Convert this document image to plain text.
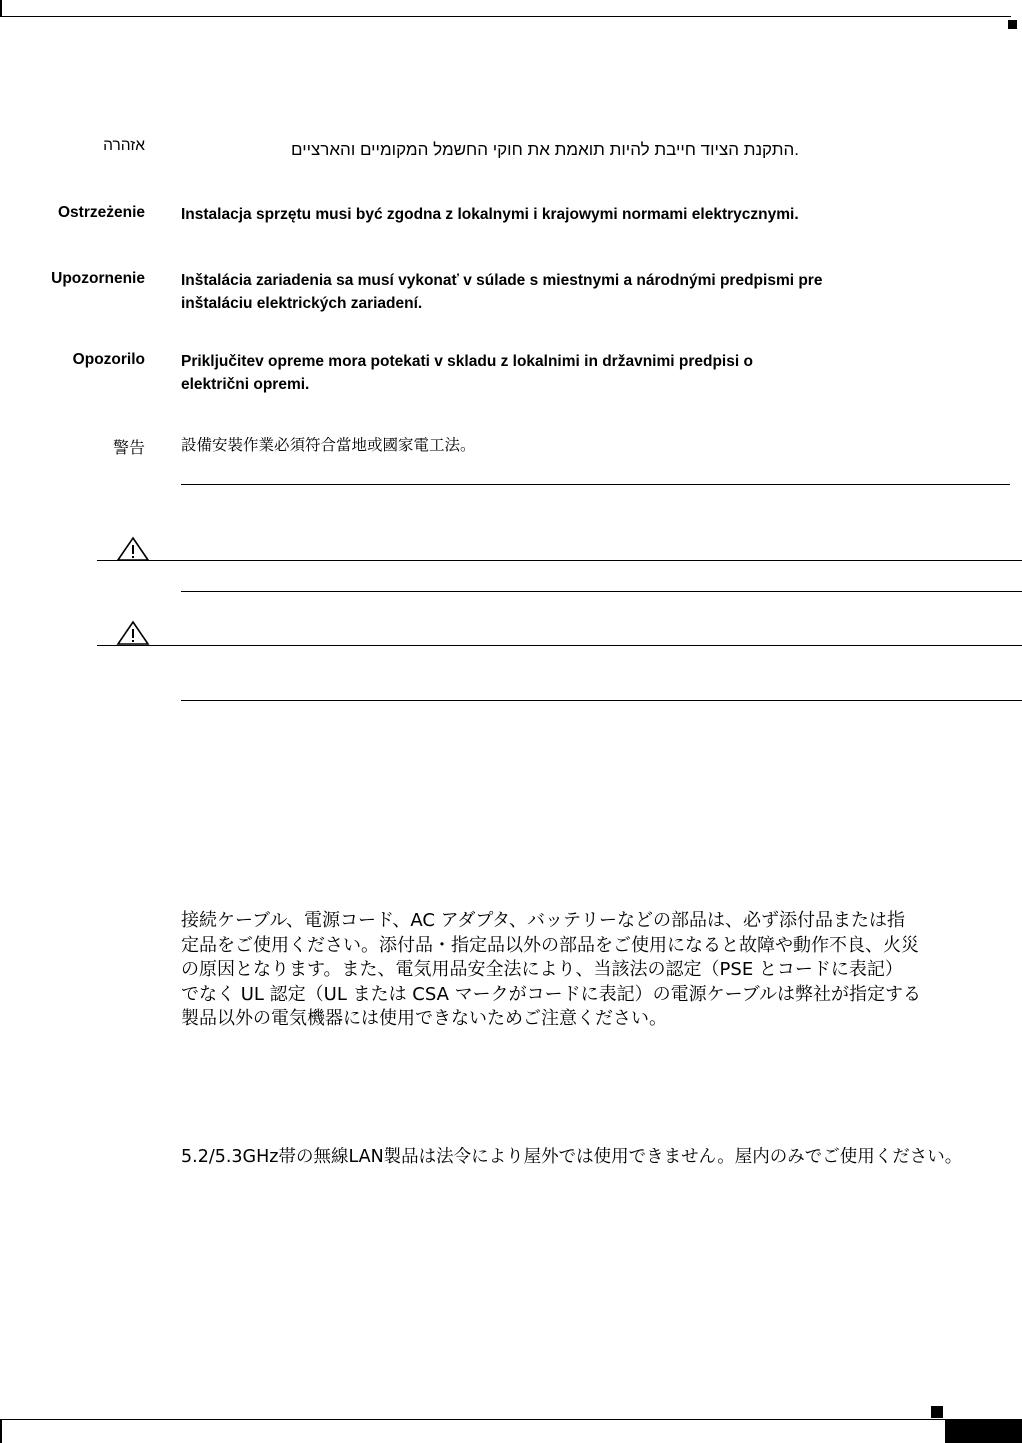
אזהרה	.התקנת הציוד חייבת להיות תואמת את חוקי החשמל המקומיים והארציים
Ostrzeżenie Instalacja sprzętu musi być zgodna z lokalnymi i krajowymi normami elektrycznymi.
Upozornenie Inštalácia zariadenia sa musí vykonať v súlade s miestnymi a národnými predpismi pre
inštaláciu elektrických zariadení.
Opozorilo Priključitev opreme mora potekati v skladu z lokalnimi in državnimi predpisi o
električni opremi.
警告 設備安裝作業必須符合當地或國家電工法。
接続ケーブル、電源コード、AC アダプタ、バッテリーなどの部品は、必ず添付品または指
定品をご使用ください。添付品・指定品以外の部品をご使用になると故障や動作不良、火災
の原因となります。また、電気用品安全法により、当該法の認定（PSE とコードに表記）
でなく UL 認定（UL または CSA マークがコードに表記）の電源ケーブルは弊社が指定する
製品以外の電気機器には使用できないためご注意ください。
5.2/5.3GHz帯の無線LAN製品は法令により屋外では使用できません。屋内のみでご使用ください。
